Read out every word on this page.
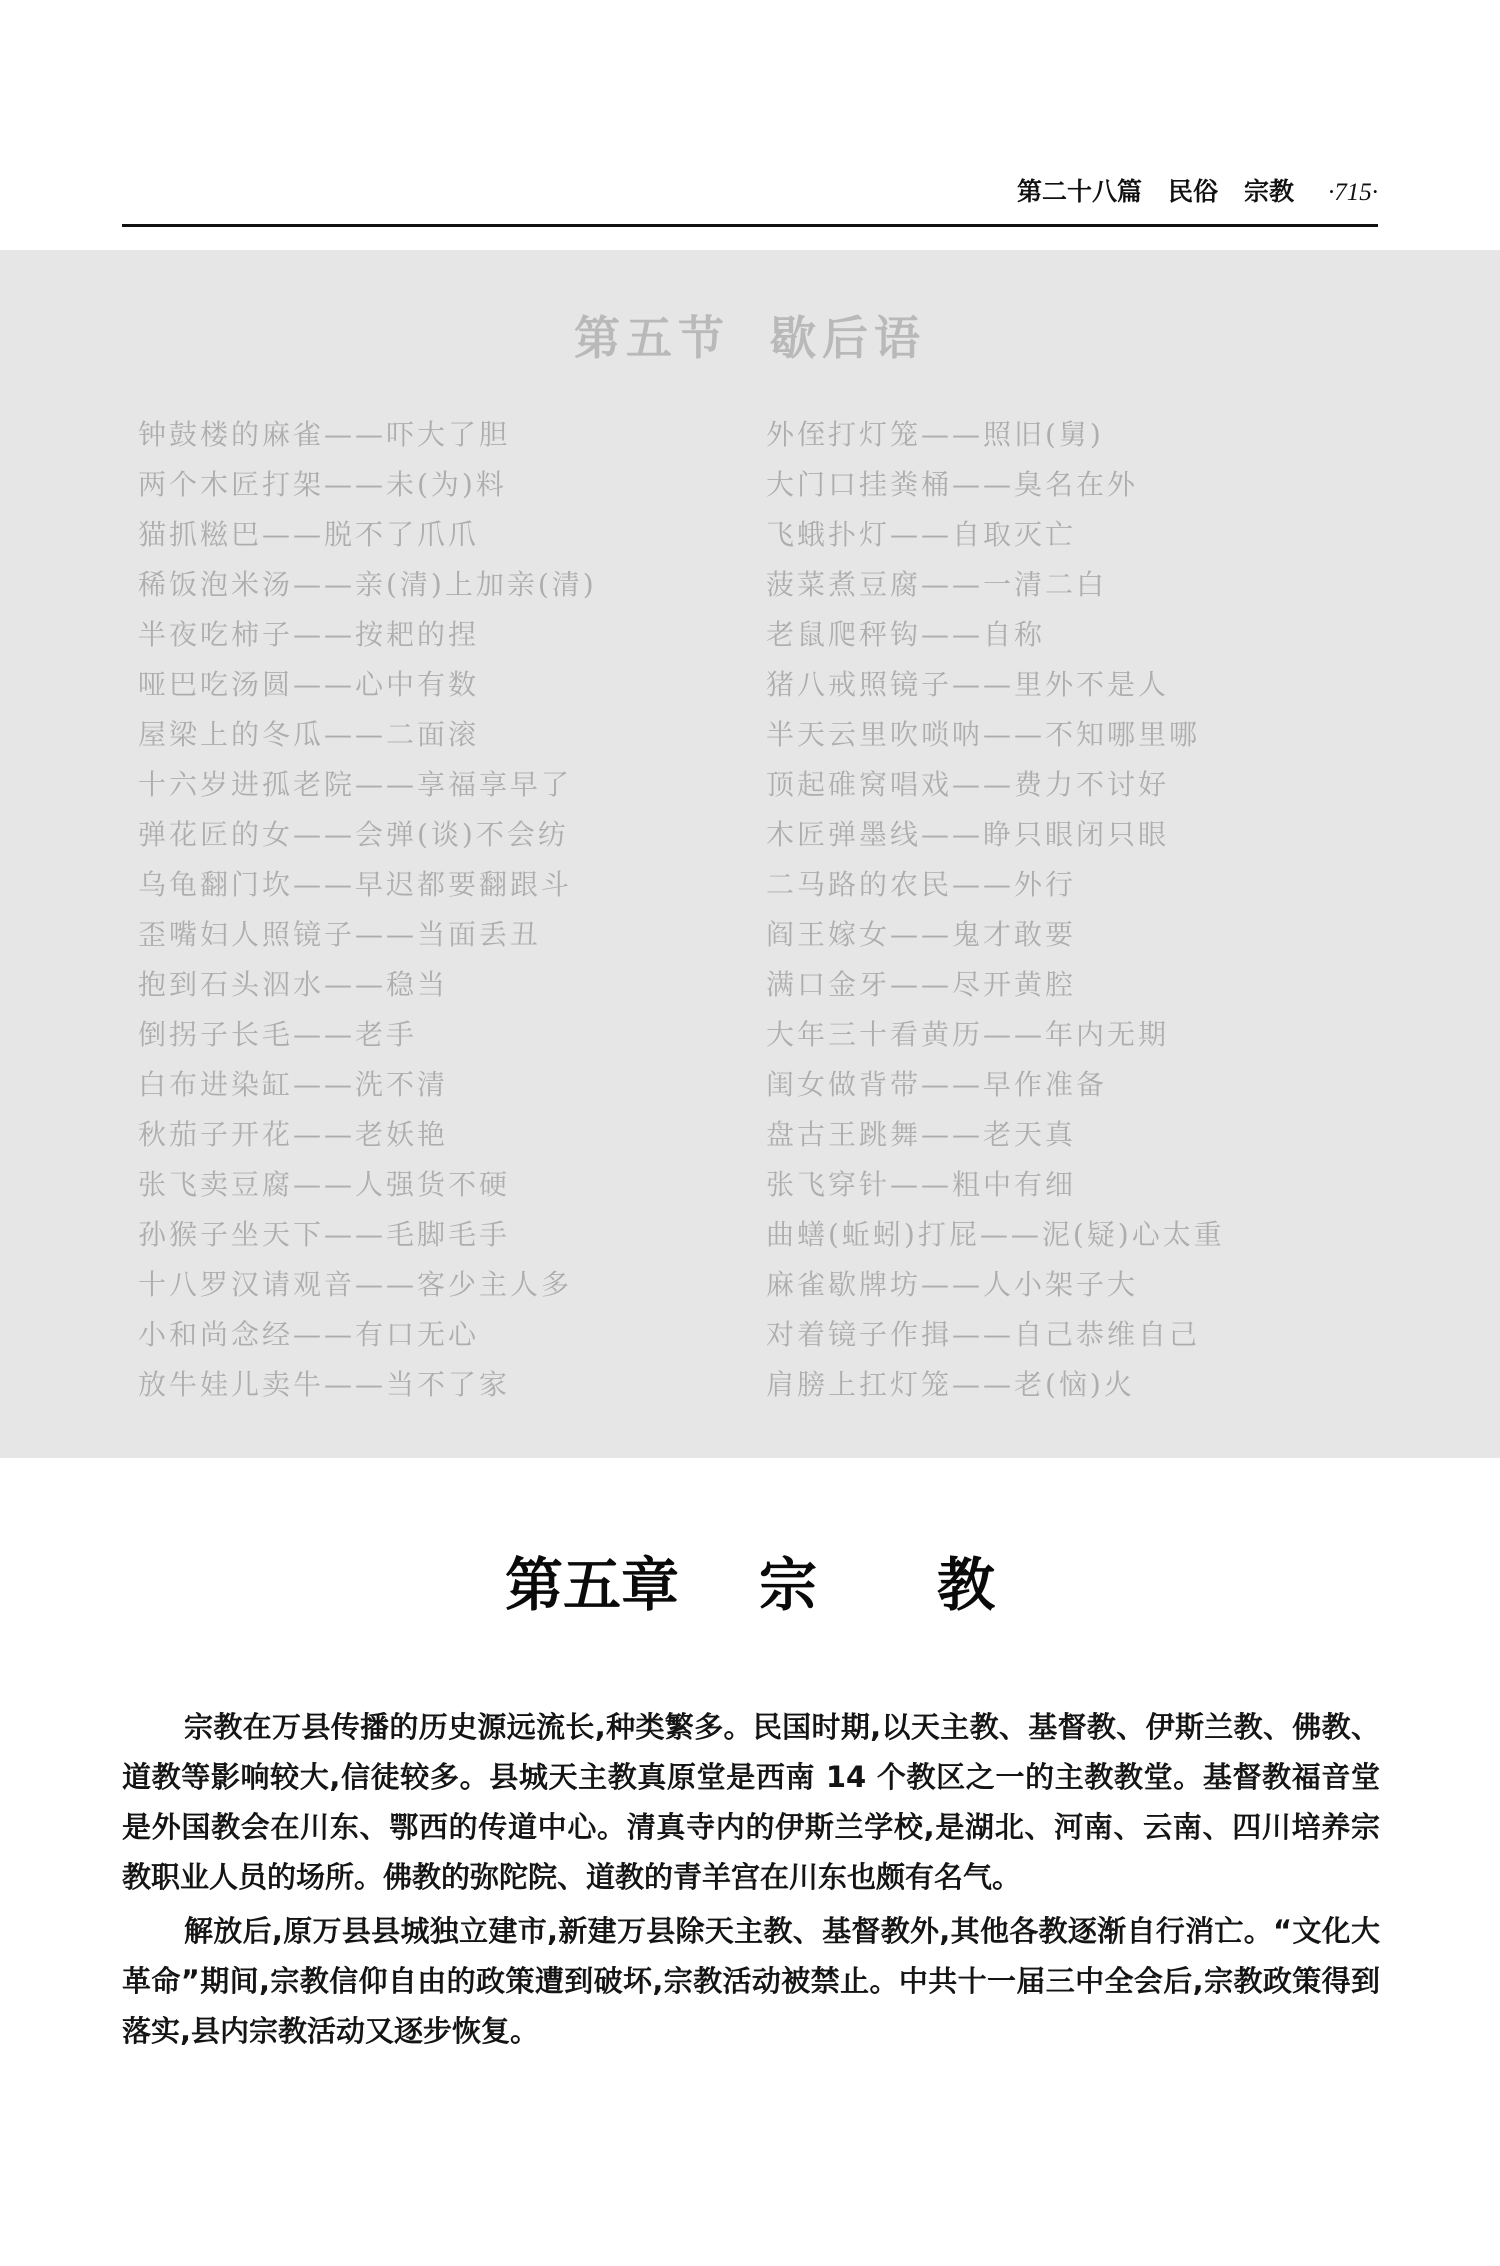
第二十八篇 民俗 宗教 ·715·
第五节 歇后语
钟鼓楼的麻雀——吓大了胆
两个木匠打架——未(为)料
猫抓糍巴——脱不了爪爪
稀饭泡米汤——亲(清)上加亲(清)
半夜吃柿子——按耙的捏
哑巴吃汤圆——心中有数
屋梁上的冬瓜——二面滚
十六岁进孤老院——享福享早了
弹花匠的女——会弹(谈)不会纺
乌龟翻门坎——早迟都要翻跟斗
歪嘴妇人照镜子——当面丢丑
抱到石头泅水——稳当
倒拐子长毛——老手
白布进染缸——洗不清
秋茄子开花——老妖艳
张飞卖豆腐——人强货不硬
孙猴子坐天下——毛脚毛手
十八罗汉请观音——客少主人多
小和尚念经——有口无心
放牛娃儿卖牛——当不了家
外侄打灯笼——照旧(舅)
大门口挂粪桶——臭名在外
飞蛾扑灯——自取灭亡
菠菜煮豆腐——一清二白
老鼠爬秤钩——自称
猪八戒照镜子——里外不是人
半天云里吹唢呐——不知哪里哪
顶起碓窝唱戏——费力不讨好
木匠弹墨线——睁只眼闭只眼
二马路的农民——外行
阎王嫁女——鬼才敢要
满口金牙——尽开黄腔
大年三十看黄历——年内无期
闺女做背带——早作准备
盘古王跳舞——老天真
张飞穿针——粗中有细
曲蟮(蚯蚓)打屁——泥(疑)心太重
麻雀歇牌坊——人小架子大
对着镜子作揖——自己恭维自己
肩膀上扛灯笼——老(恼)火
第五章 宗 教

宗教在万县传播的历史源远流长,种类繁多。民国时期,以天主教、基督教、伊斯兰教、佛教、道教等影响较大,信徒较多。县城天主教真原堂是西南 14 个教区之一的主教教堂。基督教福音堂是外国教会在川东、鄂西的传道中心。清真寺内的伊斯兰学校,是湖北、河南、云南、四川培养宗教职业人员的场所。佛教的弥陀院、道教的青羊宫在川东也颇有名气。

解放后,原万县县城独立建市,新建万县除天主教、基督教外,其他各教逐渐自行消亡。“文化大革命”期间,宗教信仰自由的政策遭到破坏,宗教活动被禁止。中共十一届三中全会后,宗教政策得到落实,县内宗教活动又逐步恢复。
